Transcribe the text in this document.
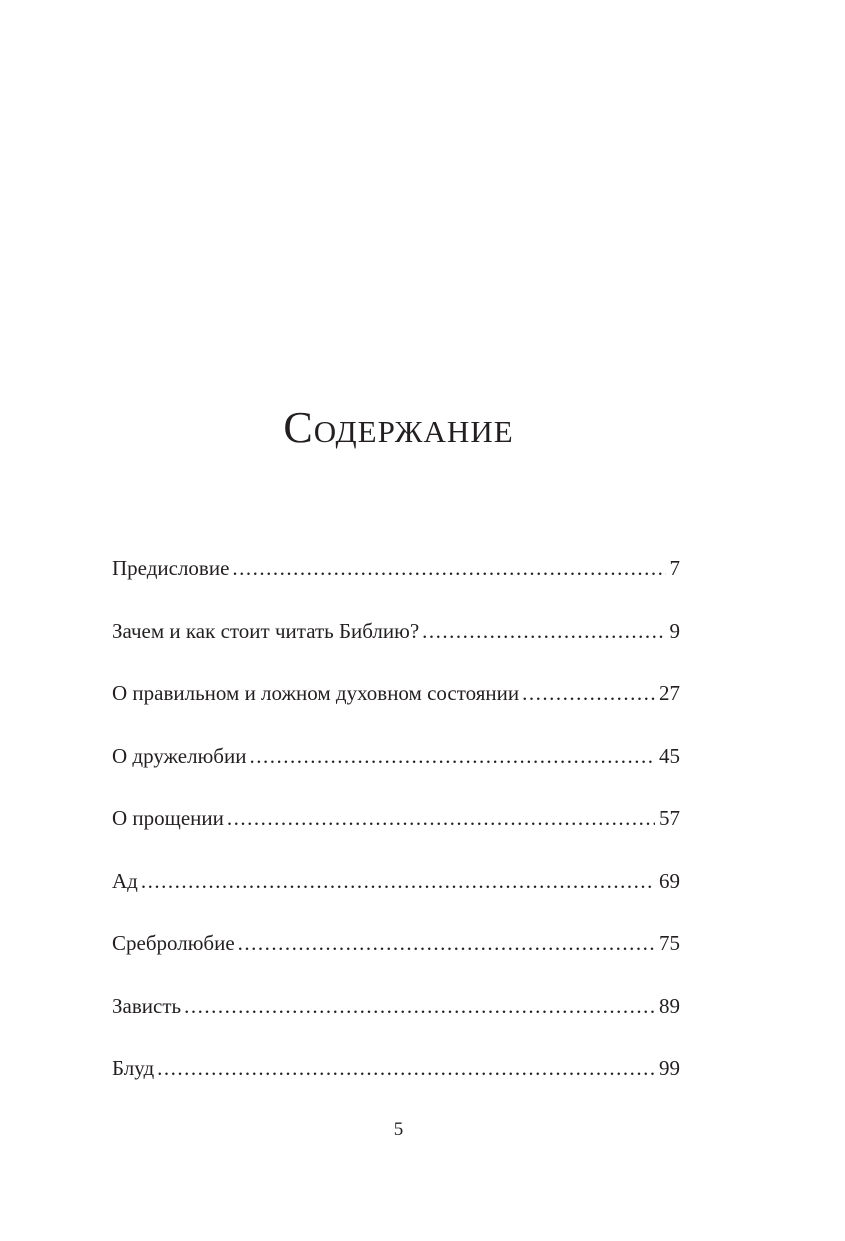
Содержание
Предисловие .....	7
Зачем и как стоит читать Библию? .....	9
О правильном и ложном духовном состоянии .....	27
О дружелюбии .....	45
О прощении .....	57
Ад .....	69
Сребролюбие .....	75
Зависть .....	89
Блуд .....	99
5
